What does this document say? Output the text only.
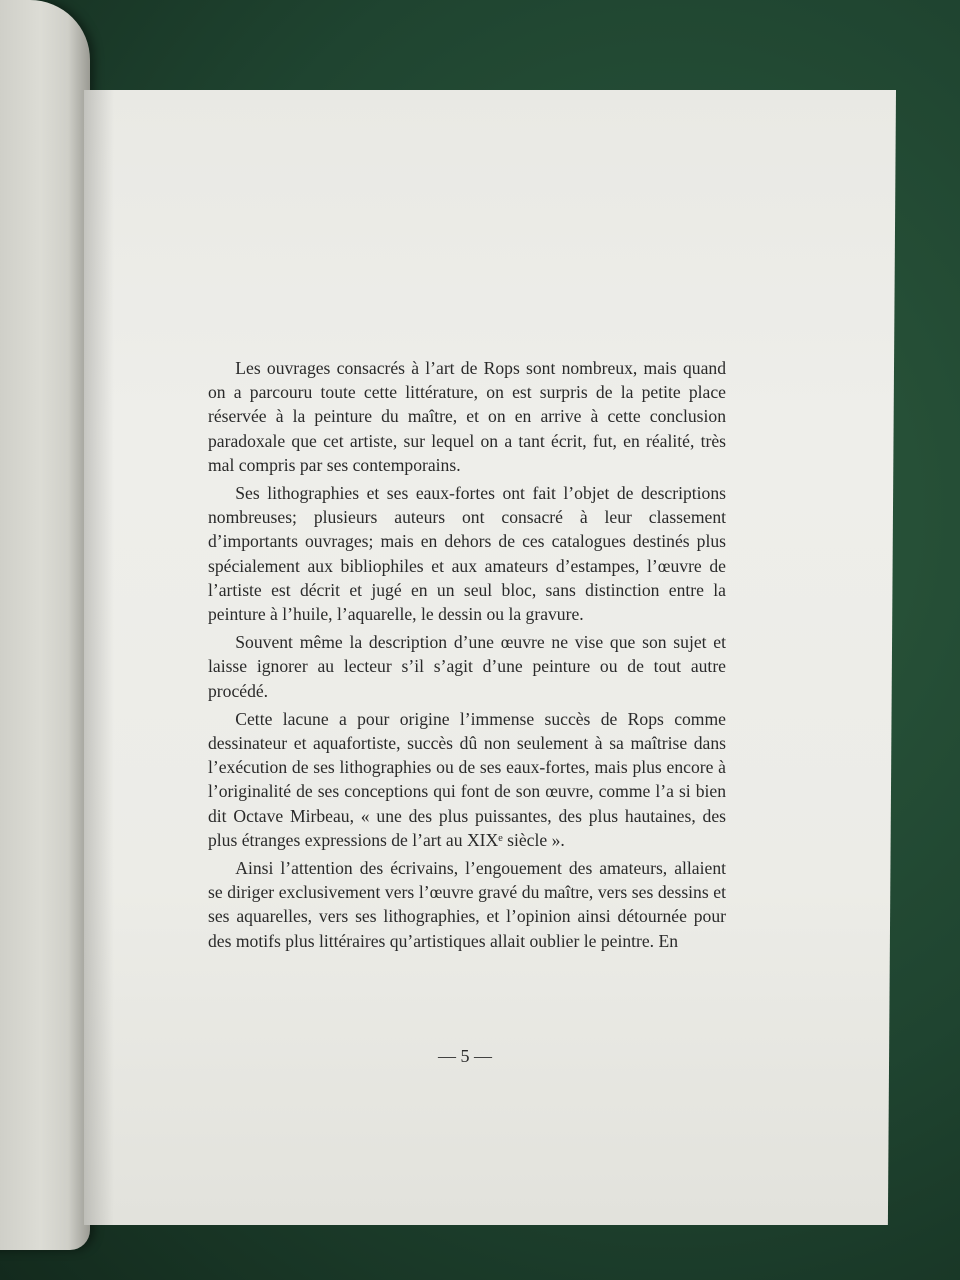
Les ouvrages consacrés à l’art de Rops sont nombreux, mais quand on a parcouru toute cette littérature, on est surpris de la petite place réservée à la peinture du maître, et on en arrive à cette conclusion paradoxale que cet artiste, sur lequel on a tant écrit, fut, en réalité, très mal compris par ses contemporains.

Ses lithographies et ses eaux-fortes ont fait l’objet de descriptions nombreuses; plusieurs auteurs ont consacré à leur classement d’importants ouvrages; mais en dehors de ces catalogues destinés plus spécialement aux bibliophiles et aux amateurs d’estampes, l’œuvre de l’artiste est décrit et jugé en un seul bloc, sans distinction entre la peinture à l’huile, l’aquarelle, le dessin ou la gravure.

Souvent même la description d’une œuvre ne vise que son sujet et laisse ignorer au lecteur s’il s’agit d’une peinture ou de tout autre procédé.

Cette lacune a pour origine l’immense succès de Rops comme dessinateur et aquafortiste, succès dû non seulement à sa maîtrise dans l’exécution de ses lithographies ou de ses eaux-fortes, mais plus encore à l’originalité de ses conceptions qui font de son œuvre, comme l’a si bien dit Octave Mirbeau, « une des plus puissantes, des plus hautaines, des plus étranges expressions de l’art au XIXᵉ siècle ».

Ainsi l’attention des écrivains, l’engouement des amateurs, allaient se diriger exclusivement vers l’œuvre gravé du maître, vers ses dessins et ses aquarelles, vers ses lithographies, et l’opinion ainsi détournée pour des motifs plus littéraires qu’artistiques allait oublier le peintre. En

— 5 —
